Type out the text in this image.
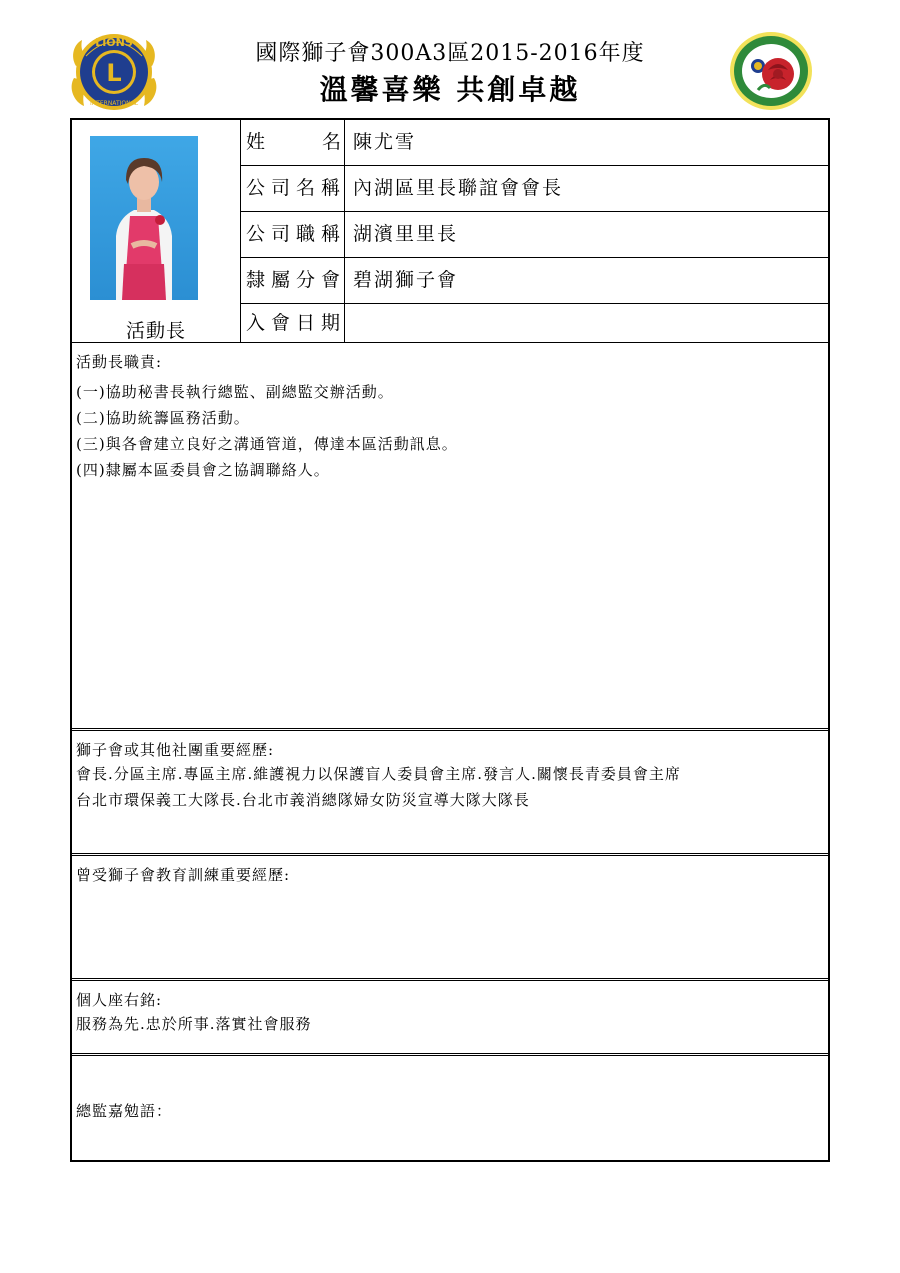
L
LIONS
INTERNATIONAL
國際獅子會300A3區2015-2016年度
溫馨喜樂 共創卓越
活動長
姓　　　名 陳尤雪
公司名稱 內湖區里長聯誼會會長
公司職稱 湖濱里里長
隸屬分會 碧湖獅子會
入會日期
活動長職責:
(一)協助秘書長執行總監、副總監交辦活動。
(二)協助統籌區務活動。
(三)與各會建立良好之溝通管道，傳達本區活動訊息。
(四)隸屬本區委員會之協調聯絡人。
獅子會或其他社團重要經歷:
會長.分區主席.專區主席.維護視力以保護盲人委員會主席.發言人.關懷長青委員會主席
台北市環保義工大隊長.台北市義消總隊婦女防災宣導大隊大隊長
曾受獅子會教育訓練重要經歷:
個人座右銘:
服務為先.忠於所事.落實社會服務
總監嘉勉語：
